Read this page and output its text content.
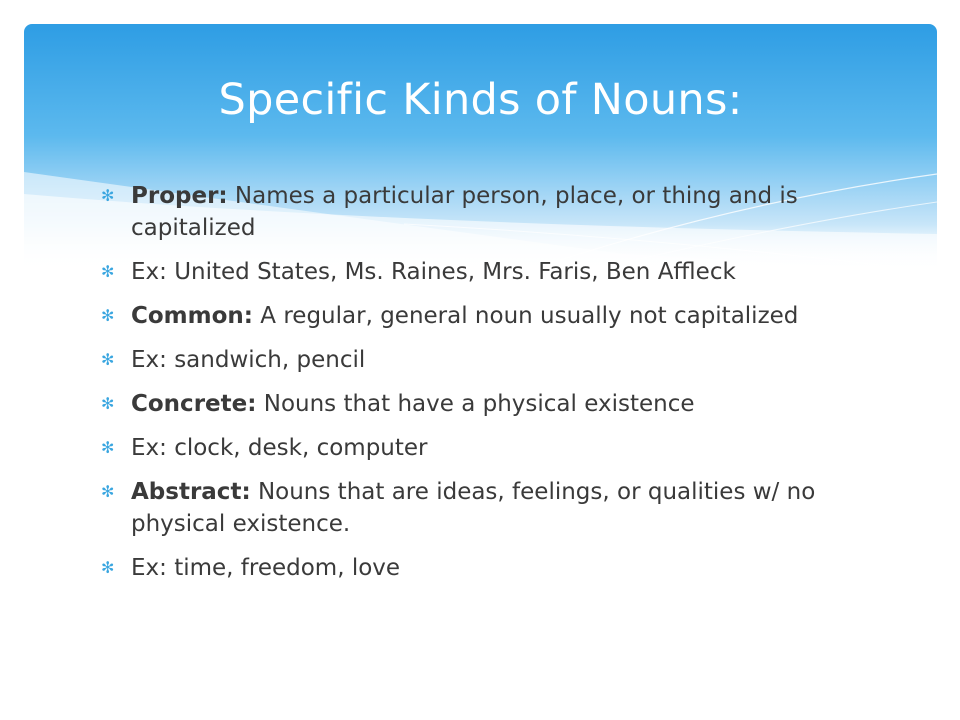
Specific Kinds of Nouns:
✻ Proper: Names a particular person, place, or thing and is capitalized
✻ Ex: United States, Ms. Raines, Mrs. Faris, Ben Affleck
✻ Common: A regular, general noun usually not capitalized
✻ Ex: sandwich, pencil
✻ Concrete: Nouns that have a physical existence
✻ Ex: clock, desk, computer
✻ Abstract: Nouns that are ideas, feelings, or qualities w/ no physical existence.
✻ Ex: time, freedom, love
